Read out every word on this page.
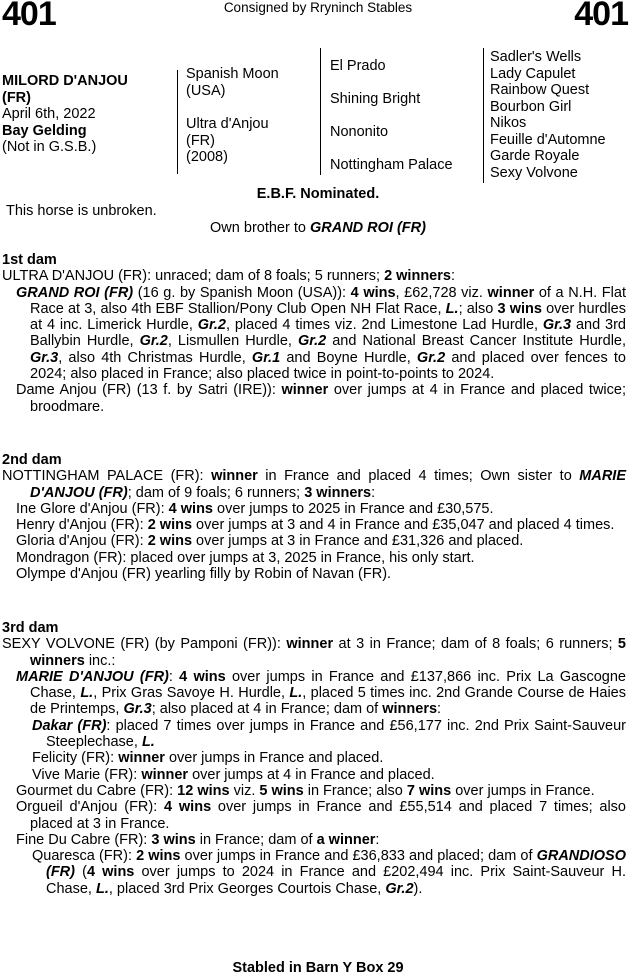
401	Consigned by Rryninch Stables	401
MILORD D'ANJOU
(FR)
April 6th, 2022
Bay Gelding
(Not in G.S.B.)
Spanish Moon
(USA)
Ultra d'Anjou
(FR)
(2008)
El Prado
Shining Bright
Nononito
Nottingham Palace
Sadler's Wells
Lady Capulet
Rainbow Quest
Bourbon Girl
Nikos
Feuille d'Automne
Garde Royale
Sexy Volvone
E.B.F. Nominated.
This horse is unbroken.
Own brother to GRAND ROI (FR)

1st dam

ULTRA D'ANJOU (FR): unraced; dam of 8 foals; 5 runners; 2 winners:

GRAND ROI (FR) (16 g. by Spanish Moon (USA)): 4 wins, £62,728 viz. winner of a N.H. Flat Race at 3, also 4th EBF Stallion/Pony Club Open NH Flat Race, L.; also 3 wins over hurdles at 4 inc. Limerick Hurdle, Gr.2, placed 4 times viz. 2nd Limestone Lad Hurdle, Gr.3 and 3rd Ballybin Hurdle, Gr.2, Lismullen Hurdle, Gr.2 and National Breast Cancer Institute Hurdle, Gr.3, also 4th Christmas Hurdle, Gr.1 and Boyne Hurdle, Gr.2 and placed over fences to 2024; also placed in France; also placed twice in point-to-points to 2024.

Dame Anjou (FR) (13 f. by Satri (IRE)): winner over jumps at 4 in France and placed twice; broodmare.

2nd dam

NOTTINGHAM PALACE (FR): winner in France and placed 4 times; Own sister to MARIE D'ANJOU (FR); dam of 9 foals; 6 runners; 3 winners:

Ine Glore d'Anjou (FR): 4 wins over jumps to 2025 in France and £30,575.

Henry d'Anjou (FR): 2 wins over jumps at 3 and 4 in France and £35,047 and placed 4 times.

Gloria d'Anjou (FR): 2 wins over jumps at 3 in France and £31,326 and placed.

Mondragon (FR): placed over jumps at 3, 2025 in France, his only start.

Olympe d'Anjou (FR) yearling filly by Robin of Navan (FR).

3rd dam

SEXY VOLVONE (FR) (by Pamponi (FR)): winner at 3 in France; dam of 8 foals; 6 runners; 5 winners inc.:

MARIE D'ANJOU (FR): 4 wins over jumps in France and £137,866 inc. Prix La Gascogne Chase, L., Prix Gras Savoye H. Hurdle, L., placed 5 times inc. 2nd Grande Course de Haies de Printemps, Gr.3; also placed at 4 in France; dam of winners:

Dakar (FR): placed 7 times over jumps in France and £56,177 inc. 2nd Prix Saint-Sauveur Steeplechase, L.

Felicity (FR): winner over jumps in France and placed.

Vive Marie (FR): winner over jumps at 4 in France and placed.

Gourmet du Cabre (FR): 12 wins viz. 5 wins in France; also 7 wins over jumps in France.

Orgueil d'Anjou (FR): 4 wins over jumps in France and £55,514 and placed 7 times; also placed at 3 in France.

Fine Du Cabre (FR): 3 wins in France; dam of a winner:

Quaresca (FR): 2 wins over jumps in France and £36,833 and placed; dam of GRANDIOSO (FR) (4 wins over jumps to 2024 in France and £202,494 inc. Prix Saint-Sauveur H. Chase, L., placed 3rd Prix Georges Courtois Chase, Gr.2).

Stabled in Barn Y Box 29
